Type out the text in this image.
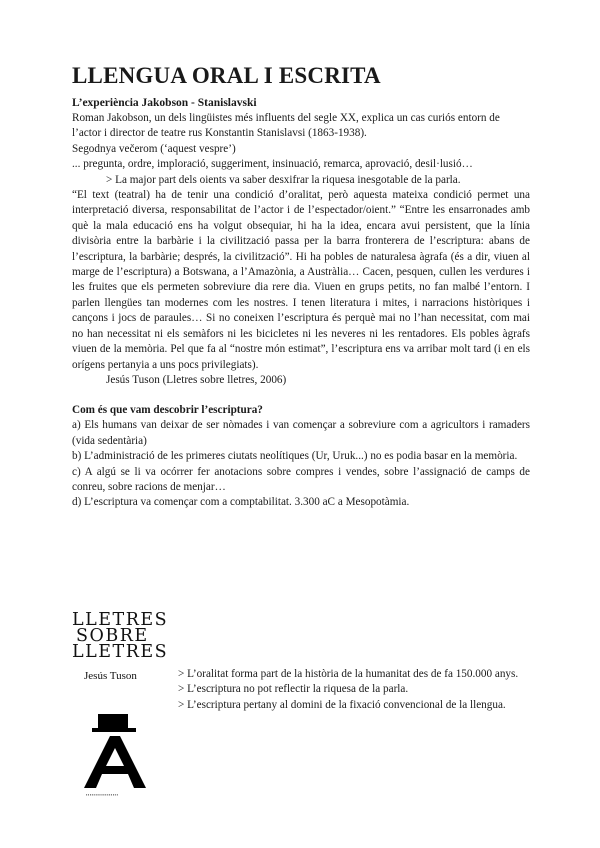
LLENGUA ORAL I ESCRITA
L’experiència Jakobson - Stanislavski

Roman Jakobson, un dels lingüistes més influents del segle XX, explica un cas curiós entorn de l’actor i director de teatre rus Konstantin Stanislavsi (1863-1938).

Segodnya večerom (‘aquest vespre’)

... pregunta, ordre, imploració, suggeriment, insinuació, remarca, aprovació, desil·lusió…

> La major part dels oients va saber desxifrar la riquesa inesgotable de la parla.

“El text (teatral) ha de tenir una condició d’oralitat, però aquesta mateixa condició permet una interpretació diversa, responsabilitat de l’actor i de l’espectador/oient.” “Entre les ensarronades amb què la mala educació ens ha volgut obsequiar, hi ha la idea, encara avui persistent, que la línia divisòria entre la barbàrie i la civilització passa per la barra fronterera de l’escriptura: abans de l’escriptura, la barbàrie; després, la civilització”. Hi ha pobles de naturalesa àgrafa (és a dir, viuen al marge de l’escriptura) a Botswana, a l’Amazònia, a Austràlia… Cacen, pesquen, cullen les verdures i les fruites que els permeten sobreviure dia rere dia. Viuen en grups petits, no fan malbé l’entorn. I parlen llengües tan modernes com les nostres. I tenen literatura i mites, i narracions històriques i cançons i jocs de paraules… Si no coneixen l’escriptura és perquè mai no l’han necessitat, com mai no han necessitat ni els semàfors ni les bicicletes ni les neveres ni les rentadores. Els pobles àgrafs viuen de la memòria. Pel que fa al “nostre món estimat”, l’escriptura ens va arribar molt tard (i en els orígens pertanyia a uns pocs privilegiats).

Jesús Tuson (Lletres sobre lletres, 2006)

Com és que vam descobrir l’escriptura?

a) Els humans van deixar de ser nòmades i van començar a sobreviure com a agricultors i ramaders (vida sedentària)

b) L’administració de les primeres ciutats neolítiques (Ur, Uruk...) no es podia basar en la memòria.

c) A algú se li va ocórrer fer anotacions sobre compres i vendes, sobre l’assignació de camps de conreu, sobre racions de menjar…

d) L’escriptura va començar com a comptabilitat. 3.300 aC a Mesopotàmia.

LLETRES
SOBRE
LLETRES
Jesús Tuson
▪▪▪▪▪▪▪▪▪▪▪▪▪▪▪▪▪

> L’oralitat forma part de la història de la humanitat des de fa 150.000 anys.

> L’escriptura no pot reflectir la riquesa de la parla.

> L’escriptura pertany al domini de la fixació convencional de la llengua.
